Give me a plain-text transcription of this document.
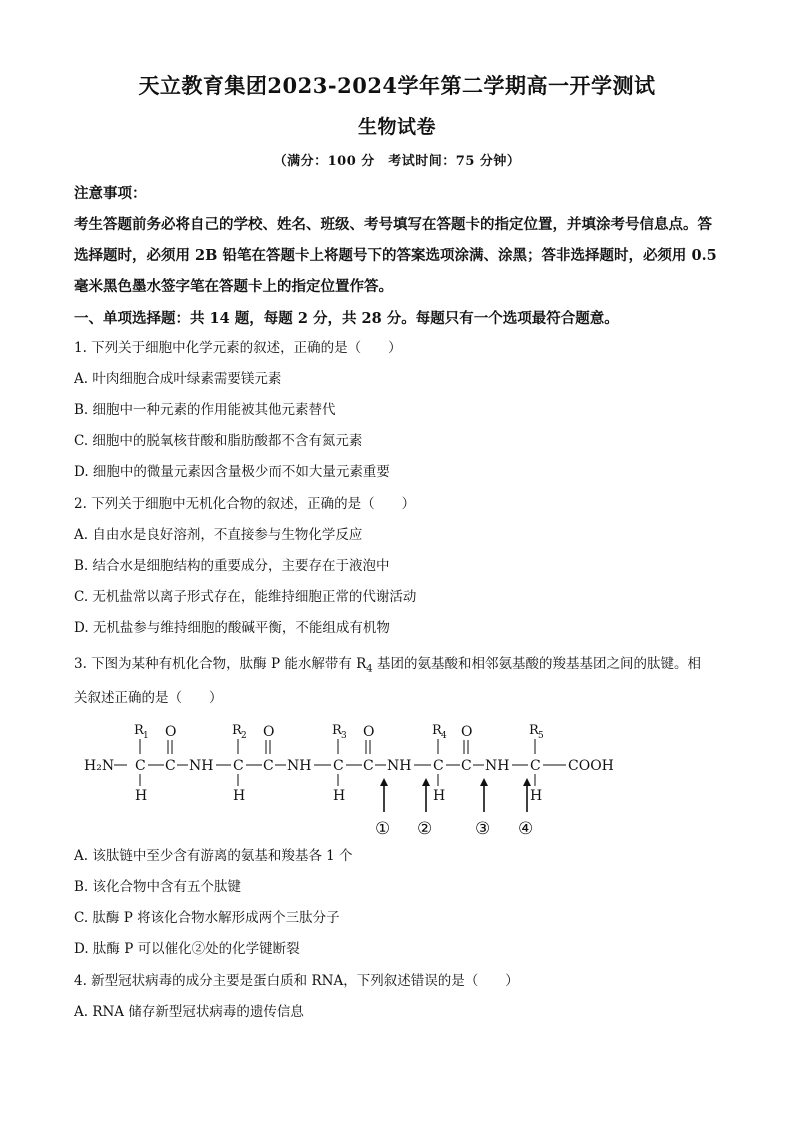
天立教育集团2023-2024学年第二学期高一开学测试
生物试卷
（满分：100 分　考试时间：75 分钟）
注意事项：
考生答题前务必将自己的学校、姓名、班级、考号填写在答题卡的指定位置，并填涂考号信息点。答选择题时，必须用 2B 铅笔在答题卡上将题号下的答案选项涂满、涂黑；答非选择题时，必须用 0.5 毫米黑色墨水签字笔在答题卡上的指定位置作答。
一、单项选择题：共 14 题，每题 2 分，共 28 分。每题只有一个选项最符合题意。
1. 下列关于细胞中化学元素的叙述，正确的是（　　）
A. 叶肉细胞合成叶绿素需要镁元素
B. 细胞中一种元素的作用能被其他元素替代
C. 细胞中的脱氧核苷酸和脂肪酸都不含有氮元素
D. 细胞中的微量元素因含量极少而不如大量元素重要
2. 下列关于细胞中无机化合物的叙述，正确的是（　　）
A. 自由水是良好溶剂，不直接参与生物化学反应
B. 结合水是细胞结构的重要成分，主要存在于液泡中
C. 无机盐常以离子形式存在，能维持细胞正常的代谢活动
D. 无机盐参与维持细胞的酸碱平衡，不能组成有机物
3. 下图为某种有机化合物，肽酶 P 能水解带有 $R_4$ 基团的氨基酸和相邻氨基酸的羧基基团之间的肽键。相
关叙述正确的是（　　）
H₂N C
R 1
H
C
O
NH C
R 2
H
C
O
NH C
R 3
H
C
O
NH C
R 4
H
C
O
NH C
R 5
H
COOH
① ②	③ ④
A. 该肽链中至少含有游离的氨基和羧基各 1 个
B. 该化合物中含有五个肽键
C. 肽酶 P 将该化合物水解形成两个三肽分子
D. 肽酶 P 可以催化②处的化学键断裂
4. 新型冠状病毒的成分主要是蛋白质和 RNA，下列叙述错误的是（　　）
A. RNA 储存新型冠状病毒的遗传信息
